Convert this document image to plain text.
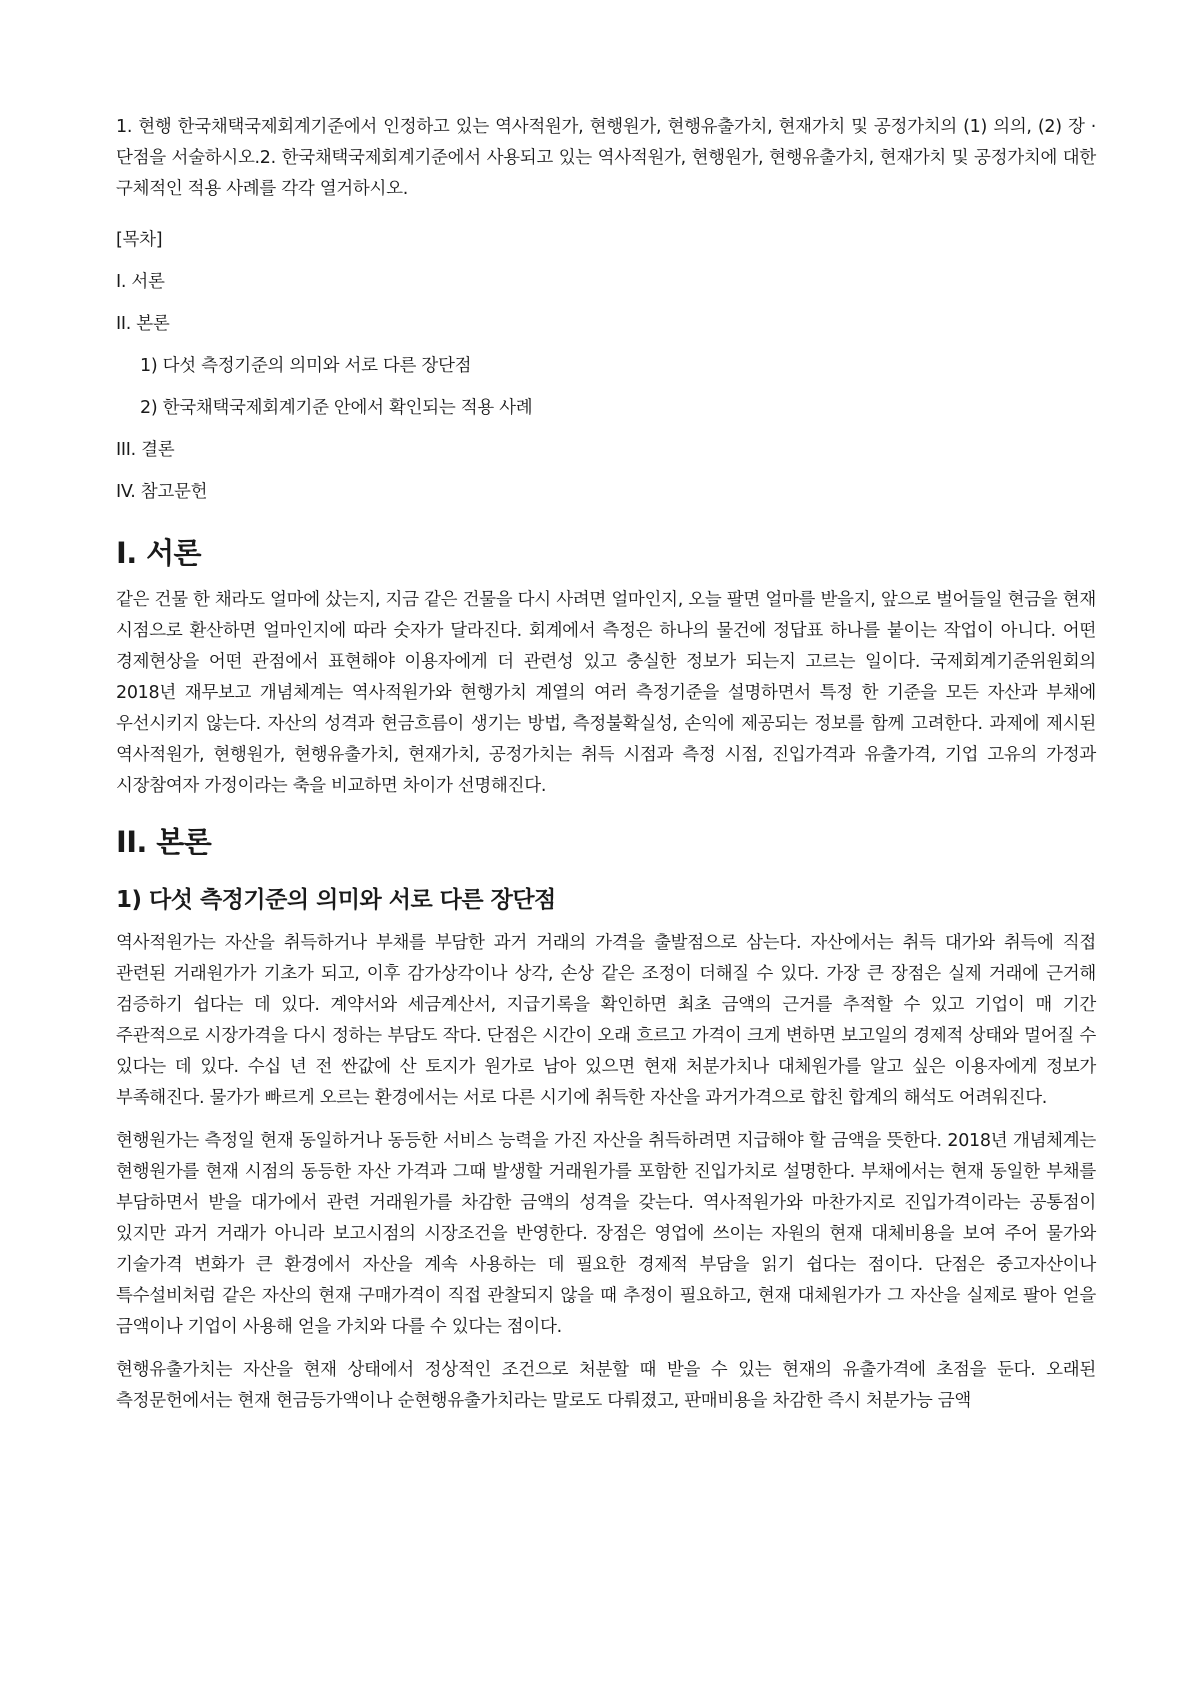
1. 현행 한국채택국제회계기준에서 인정하고 있는 역사적원가, 현행원가, 현행유출가치, 현재가치 및 공정가치의 (1) 의의, (2) 장 · 단점을 서술하시오.2. 한국채택국제회계기준에서 사용되고 있는 역사적원가, 현행원가, 현행유출가치, 현재가치 및 공정가치에 대한 구체적인 적용 사례를 각각 열거하시오.

[목차]

I. 서론

II. 본론

1) 다섯 측정기준의 의미와 서로 다른 장단점

2) 한국채택국제회계기준 안에서 확인되는 적용 사례

III. 결론

IV. 참고문헌

I. 서론

같은 건물 한 채라도 얼마에 샀는지, 지금 같은 건물을 다시 사려면 얼마인지, 오늘 팔면 얼마를 받을지, 앞으로 벌어들일 현금을 현재 시점으로 환산하면 얼마인지에 따라 숫자가 달라진다. 회계에서 측정은 하나의 물건에 정답표 하나를 붙이는 작업이 아니다. 어떤 경제현상을 어떤 관점에서 표현해야 이용자에게 더 관련성 있고 충실한 정보가 되는지 고르는 일이다. 국제회계기준위원회의 2018년 재무보고 개념체계는 역사적원가와 현행가치 계열의 여러 측정기준을 설명하면서 특정 한 기준을 모든 자산과 부채에 우선시키지 않는다. 자산의 성격과 현금흐름이 생기는 방법, 측정불확실성, 손익에 제공되는 정보를 함께 고려한다. 과제에 제시된 역사적원가, 현행원가, 현행유출가치, 현재가치, 공정가치는 취득 시점과 측정 시점, 진입가격과 유출가격, 기업 고유의 가정과 시장참여자 가정이라는 축을 비교하면 차이가 선명해진다.

II. 본론
1) 다섯 측정기준의 의미와 서로 다른 장단점

역사적원가는 자산을 취득하거나 부채를 부담한 과거 거래의 가격을 출발점으로 삼는다. 자산에서는 취득 대가와 취득에 직접 관련된 거래원가가 기초가 되고, 이후 감가상각이나 상각, 손상 같은 조정이 더해질 수 있다. 가장 큰 장점은 실제 거래에 근거해 검증하기 쉽다는 데 있다. 계약서와 세금계산서, 지급기록을 확인하면 최초 금액의 근거를 추적할 수 있고 기업이 매 기간 주관적으로 시장가격을 다시 정하는 부담도 작다. 단점은 시간이 오래 흐르고 가격이 크게 변하면 보고일의 경제적 상태와 멀어질 수 있다는 데 있다. 수십 년 전 싼값에 산 토지가 원가로 남아 있으면 현재 처분가치나 대체원가를 알고 싶은 이용자에게 정보가 부족해진다. 물가가 빠르게 오르는 환경에서는 서로 다른 시기에 취득한 자산을 과거가격으로 합친 합계의 해석도 어려워진다.

현행원가는 측정일 현재 동일하거나 동등한 서비스 능력을 가진 자산을 취득하려면 지급해야 할 금액을 뜻한다. 2018년 개념체계는 현행원가를 현재 시점의 동등한 자산 가격과 그때 발생할 거래원가를 포함한 진입가치로 설명한다. 부채에서는 현재 동일한 부채를 부담하면서 받을 대가에서 관련 거래원가를 차감한 금액의 성격을 갖는다. 역사적원가와 마찬가지로 진입가격이라는 공통점이 있지만 과거 거래가 아니라 보고시점의 시장조건을 반영한다. 장점은 영업에 쓰이는 자원의 현재 대체비용을 보여 주어 물가와 기술가격 변화가 큰 환경에서 자산을 계속 사용하는 데 필요한 경제적 부담을 읽기 쉽다는 점이다. 단점은 중고자산이나 특수설비처럼 같은 자산의 현재 구매가격이 직접 관찰되지 않을 때 추정이 필요하고, 현재 대체원가가 그 자산을 실제로 팔아 얻을 금액이나 기업이 사용해 얻을 가치와 다를 수 있다는 점이다.

현행유출가치는 자산을 현재 상태에서 정상적인 조건으로 처분할 때 받을 수 있는 현재의 유출가격에 초점을 둔다. 오래된 측정문헌에서는 현재 현금등가액이나 순현행유출가치라는 말로도 다뤄졌고, 판매비용을 차감한 즉시 처분가능 금액
